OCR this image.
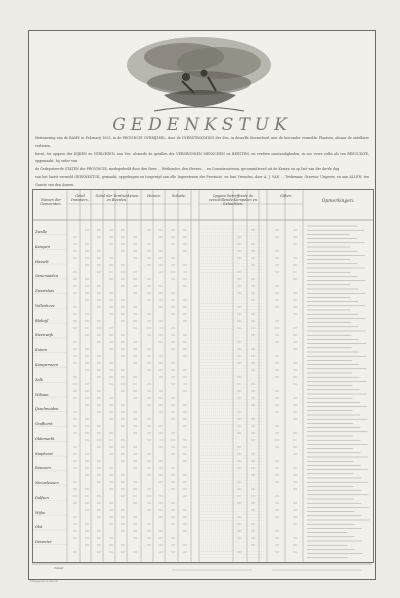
GEDENKSTUK
Herinnering van de RAMP, in Februarij 1825, in de PROVINCIE OVERIJSSEL, door de OVERSTROOMING der Zee, in deszelfs Stormvloed, met de hieronder vermelde Plaatsen, alwaar de ontelbare verliezen,
bevat, ter opgave der DIJKEN en VERLIEZEN, aan Vee, alsmede de getallen der VERDRONKEN MENSCHEN en BEESTEN, en verdere omstandigheden, in zoo verre zulks als ten RESULTATE, opgemaakt, bij order van
de Gedeputeerde STATEN der PROVINCIE, medegedeeld door den Heer ... Wethouder, den Heeren ... en Commissarissen, gecommitteerd uit de Kamer, en op last van der derde dag
van het laatst vermeld GEDENKSTUK, gemaakt, opgedragen en toegewijd aan alle Ingezetenen der Provincie, en hun Vrienden, door A. J. VAN ... Teekenaar, Graveur, Uitgever, en aan ALLEN, ten Gunste van den Armen.
Namen der Gemeenten.
Getal Inwoners.
Getal der Verdronkenen en Beesten.
Huizen.	Schade.	Opgave betreffende de verschillende Kerspelen en Gehuchten.
Giften.
Opmerkingen.
Zwolle
Kampen
Hasselt
Genemuiden
Zwartsluis
Vollenhove
Blokzijl
Steenwijk
Kuinre
Kamperveen
Zalk
Wilsum
IJsselmuiden
Grafhorst
Oldemarkt
Staphorst
Rouveen
Nieuwleusen
Dalfsen
Wijhe
Olst
Deventer
Totaal
Uitgegeven te Zwolle
